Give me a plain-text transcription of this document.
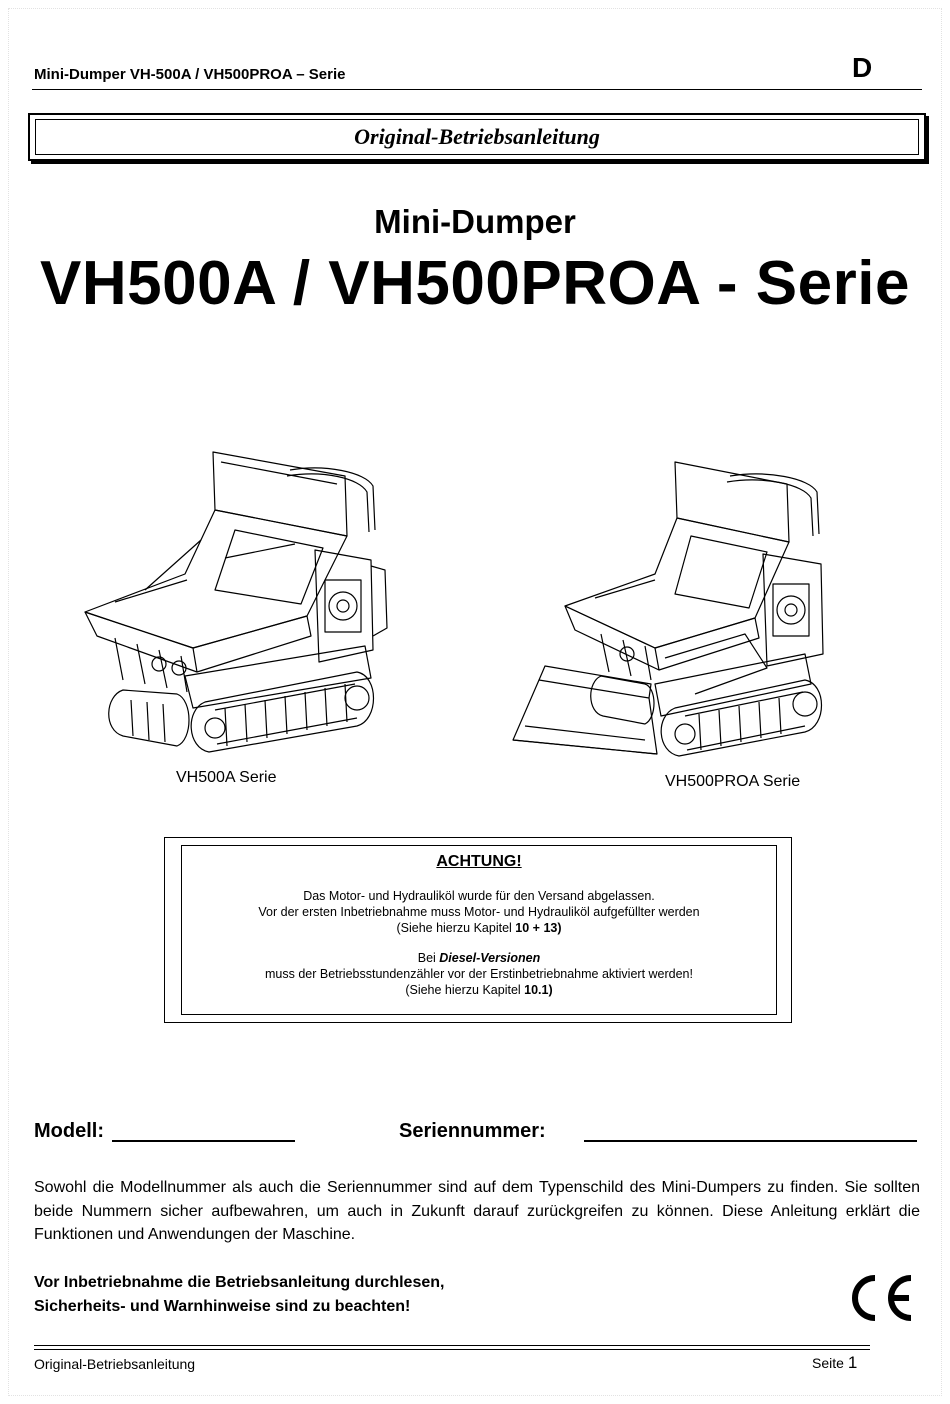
Mini-Dumper VH-500A / VH500PROA – Serie	D
Original-Betriebsanleitung
Mini-Dumper
VH500A / VH500PROA - Serie
VH500A Serie	VH500PROA Serie
ACHTUNG!
Das Motor- und Hydrauliköl wurde für den Versand abgelassen.
Vor der ersten Inbetriebnahme muss Motor- und Hydrauliköl aufgefüllter werden
(Siehe hierzu Kapitel 10 + 13)
Bei Diesel-Versionen
muss der Betriebsstundenzähler vor der Erstinbetriebnahme aktiviert werden!
(Siehe hierzu Kapitel 10.1)
Modell:	Seriennummer:
Sowohl die Modellnummer als auch die Seriennummer sind auf dem Typenschild des Mini-Dumpers zu finden. Sie sollten beide Nummern sicher aufbewahren, um auch in Zukunft darauf zurückgreifen zu können. Diese Anleitung erklärt die Funktionen und Anwendungen der Maschine.
Vor Inbetriebnahme die Betriebsanleitung durchlesen,
Sicherheits- und Warnhinweise sind zu beachten!
Original-Betriebsanleitung	Seite 1
